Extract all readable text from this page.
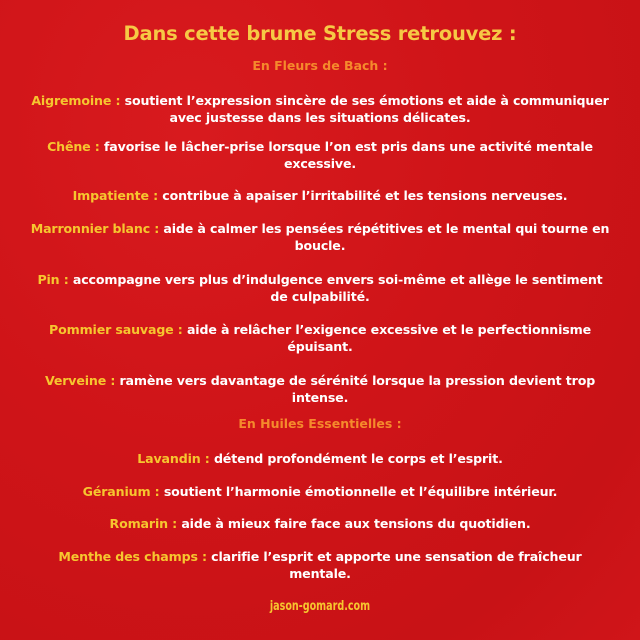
Dans cette brume Stress retrouvez :
En Fleurs de Bach :
Aigremoine : soutient l’expression sincère de ses émotions et aide à communiquer avec justesse dans les situations délicates.
Chêne : favorise le lâcher-prise lorsque l’on est pris dans une activité mentale excessive.
Impatiente : contribue à apaiser l’irritabilité et les tensions nerveuses.
Marronnier blanc : aide à calmer les pensées répétitives et le mental qui tourne en boucle.
Pin : accompagne vers plus d’indulgence envers soi-même et allège le sentiment de culpabilité.
Pommier sauvage : aide à relâcher l’exigence excessive et le perfectionnisme épuisant.
Verveine : ramène vers davantage de sérénité lorsque la pression devient trop intense.
En Huiles Essentielles :
Lavandin : détend profondément le corps et l’esprit.
Géranium : soutient l’harmonie émotionnelle et l’équilibre intérieur.
Romarin : aide à mieux faire face aux tensions du quotidien.
Menthe des champs : clarifie l’esprit et apporte une sensation de fraîcheur mentale.
jason-gomard.com
